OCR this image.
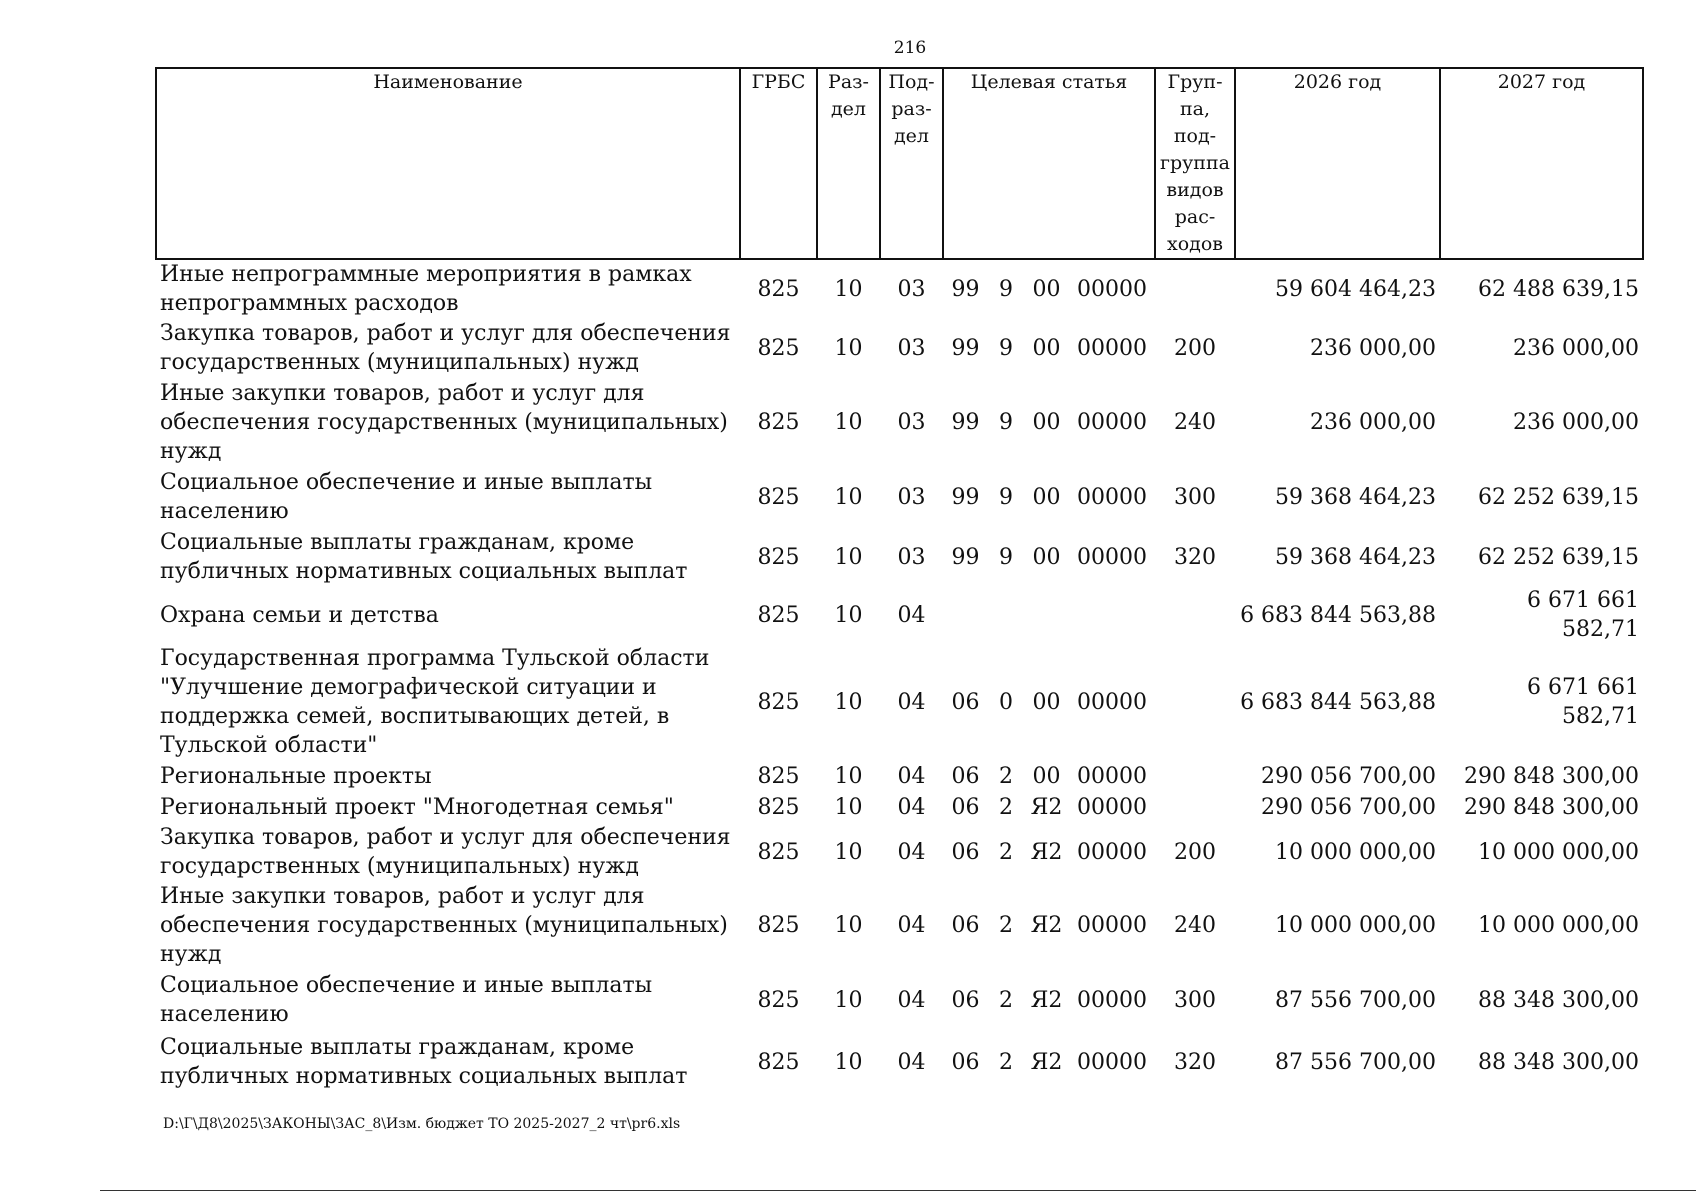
216
Наименование	ГРБС	Раз-дел	Под-раз-дел	Целевая статья				Груп-па, под-группа видов рас-ходов	2026 год	2027 год
Иные непрограммные мероприятия в рамках непрограммных расходов	825	10	03	99	9	00	00000		59 604 464,23	62 488 639,15
Закупка товаров, работ и услуг для обеспечения государственных (муниципальных) нужд	825	10	03	99	9	00	00000	200	236 000,00	236 000,00
Иные закупки товаров, работ и услуг для обеспечения государственных (муниципальных) нужд	825	10	03	99	9	00	00000	240	236 000,00	236 000,00
Социальное обеспечение и иные выплаты населению	825	10	03	99	9	00	00000	300	59 368 464,23	62 252 639,15
Социальные выплаты гражданам, кроме публичных нормативных социальных выплат	825	10	03	99	9	00	00000	320	59 368 464,23	62 252 639,15
Охрана семьи и детства	825	10	04						6 683 844 563,88	6 671 661 582,71
Государственная программа Тульской области "Улучшение демографической ситуации и поддержка семей, воспитывающих детей, в Тульской области"	825	10	04	06	0	00	00000		6 683 844 563,88	6 671 661 582,71
Региональные проекты	825	10	04	06	2	00	00000		290 056 700,00	290 848 300,00
Региональный проект "Многодетная семья"	825	10	04	06	2	Я2	00000		290 056 700,00	290 848 300,00
Закупка товаров, работ и услуг для обеспечения государственных (муниципальных) нужд	825	10	04	06	2	Я2	00000	200	10 000 000,00	10 000 000,00
Иные закупки товаров, работ и услуг для обеспечения государственных (муниципальных) нужд	825	10	04	06	2	Я2	00000	240	10 000 000,00	10 000 000,00
Социальное обеспечение и иные выплаты населению	825	10	04	06	2	Я2	00000	300	87 556 700,00	88 348 300,00
Социальные выплаты гражданам, кроме публичных нормативных социальных выплат	825	10	04	06	2	Я2	00000	320	87 556 700,00	88 348 300,00
D:\Г\Д8\2025\ЗАКОНЫ\ЗАС_8\Изм. бюджет ТО 2025-2027_2 чт\pr6.xls
